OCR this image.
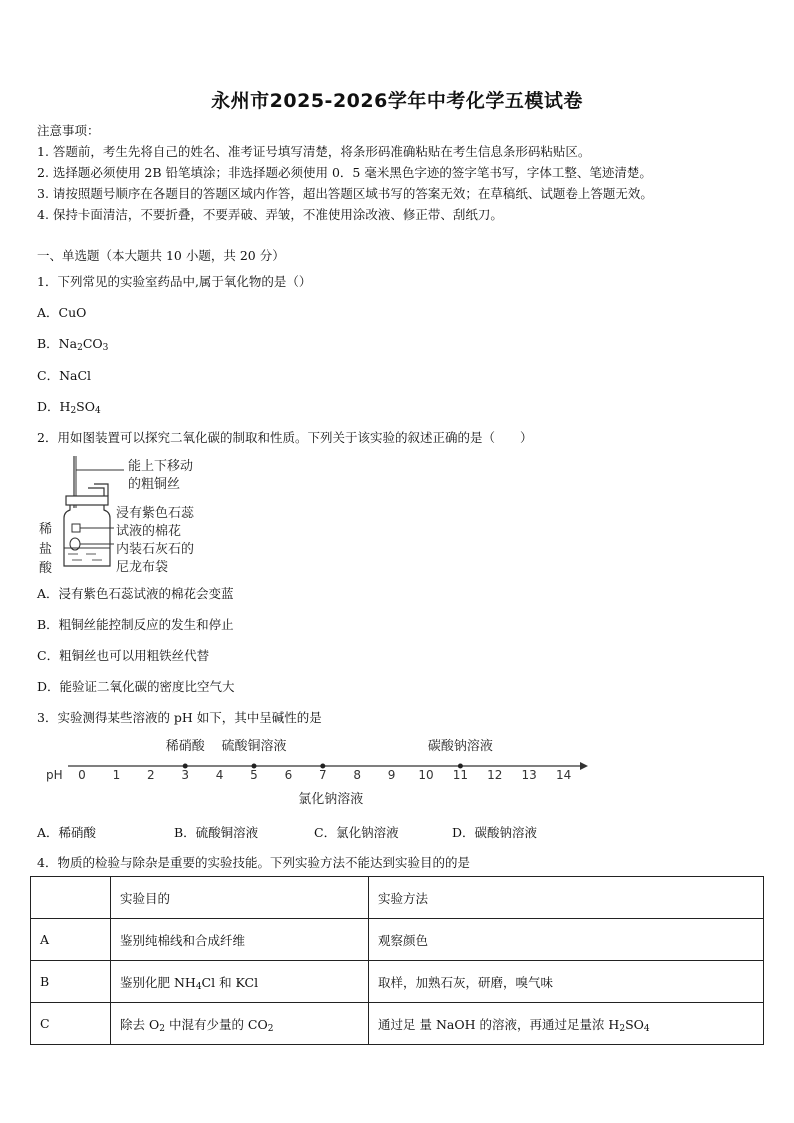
永州市2025-2026学年中考化学五模试卷
注意事项：
1. 答题前，考生先将自己的姓名、准考证号填写清楚，将条形码准确粘贴在考生信息条形码粘贴区。
2. 选择题必须使用 2B 铅笔填涂；非选择题必须使用 0．5 毫米黑色字迹的签字笔书写，字体工整、笔迹清楚。
3. 请按照题号顺序在各题目的答题区域内作答，超出答题区域书写的答案无效；在草稿纸、试题卷上答题无效。
4. 保持卡面清洁，不要折叠，不要弄破、弄皱，不准使用涂改液、修正带、刮纸刀。
一、单选题（本大题共 10 小题，共 20 分）
1．下列常见的实验室药品中,属于氧化物的是（）
A．CuO
B．$Na_2CO_3$
C．NaCl
D．$H_2SO_4$
2．用如图装置可以探究二氧化碳的制取和性质。下列关于该实验的叙述正确的是（　　）
能上下移动
的粗铜丝
浸有紫色石蕊
试液的棉花
内装石灰石的
尼龙布袋
稀
盐
酸
A．浸有紫色石蕊试液的棉花会变蓝
B．粗铜丝能控制反应的发生和停止
C．粗铜丝也可以用粗铁丝代替
D．能验证二氧化碳的密度比空气大
3．实验测得某些溶液的 pH 如下，其中呈碱性的是
pH 0 1 2 3 4 5 6 7 8 9 10 11 12 13 14
稀硝酸 硫酸铜溶液
氯化钠溶液
碳酸钠溶液
A．稀硝酸	B．硫酸铜溶液	C．氯化钠溶液	D．碳酸钠溶液
4．物质的检验与除杂是重要的实验技能。下列实验方法不能达到实验目的的是
	实验目的	实验方法
A	鉴别纯棉线和合成纤维	观察颜色
B	鉴别化肥 $NH_4Cl$ 和 KCl	取样，加熟石灰，研磨，嗅气味
C	除去 $O_2$ 中混有少量的 $CO_2$	通过足 量 NaOH 的溶液，再通过足量浓 $H_2SO_4$
